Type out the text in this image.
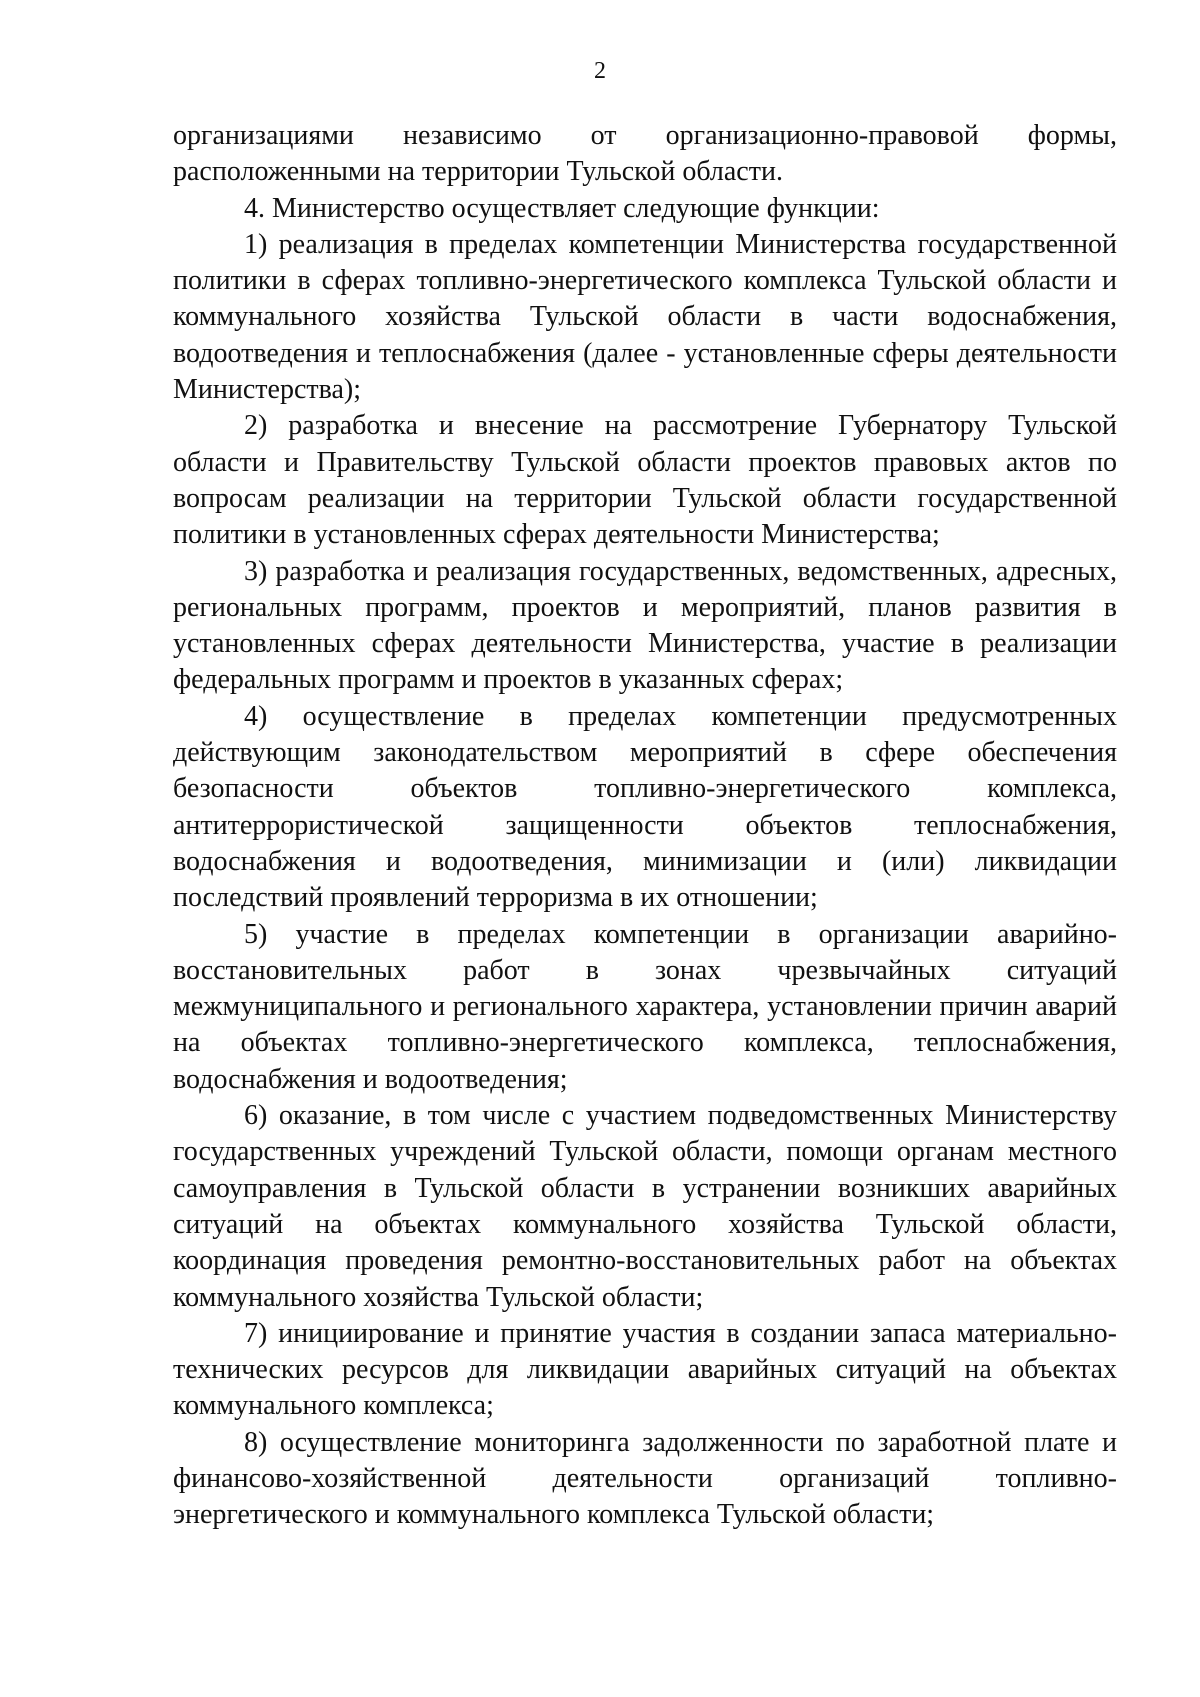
2

организациями независимо от организационно-правовой формы, расположенными на территории Тульской области.

4. Министерство осуществляет следующие функции:

1) реализация в пределах компетенции Министерства государственной политики в сферах топливно-энергетического комплекса Тульской области и коммунального хозяйства Тульской области в части водоснабжения, водоотведения и теплоснабжения (далее - установленные сферы деятельности Министерства);

2) разработка и внесение на рассмотрение Губернатору Тульской области и Правительству Тульской области проектов правовых актов по вопросам реализации на территории Тульской области государственной политики в установленных сферах деятельности Министерства;

3) разработка и реализация государственных, ведомственных, адресных, региональных программ, проектов и мероприятий, планов развития в установленных сферах деятельности Министерства, участие в реализации федеральных программ и проектов в указанных сферах;

4) осуществление в пределах компетенции предусмотренных действующим законодательством мероприятий в сфере обеспечения безопасности объектов топливно-энергетического комплекса, антитеррористической защищенности объектов теплоснабжения, водоснабжения и водоотведения, минимизации и (или) ликвидации последствий проявлений терроризма в их отношении;

5) участие в пределах компетенции в организации аварийно-восстановительных работ в зонах чрезвычайных ситуаций межмуниципального и регионального характера, установлении причин аварий на объектах топливно-энергетического комплекса, теплоснабжения, водоснабжения и водоотведения;

6) оказание, в том числе с участием подведомственных Министерству государственных учреждений Тульской области, помощи органам местного самоуправления в Тульской области в устранении возникших аварийных ситуаций на объектах коммунального хозяйства Тульской области, координация проведения ремонтно-восстановительных работ на объектах коммунального хозяйства Тульской области;

7) инициирование и принятие участия в создании запаса материально-технических ресурсов для ликвидации аварийных ситуаций на объектах коммунального комплекса;

8) осуществление мониторинга задолженности по заработной плате и финансово-хозяйственной деятельности организаций топливно-энергетического и коммунального комплекса Тульской области;
